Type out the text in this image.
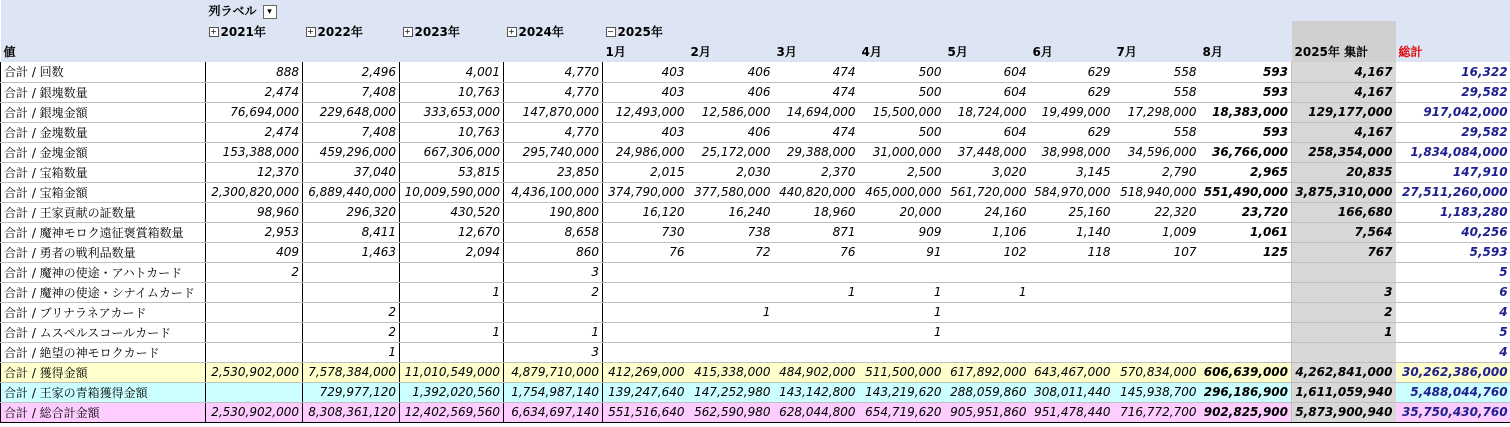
	列ラベル ▾													
	+ 2021年	+ 2022年	+ 2023年	+ 2024年	− 2025年									
値					1月	2月	3月	4月	5月	6月	7月	8月	2025年 集計	総計
合計 / 回数	888	2,496	4,001	4,770	403	406	474	500	604	629	558	593	4,167	16,322
合計 / 銀塊数量	2,474	7,408	10,763	4,770	403	406	474	500	604	629	558	593	4,167	29,582
合計 / 銀塊金額	76,694,000	229,648,000	333,653,000	147,870,000	12,493,000	12,586,000	14,694,000	15,500,000	18,724,000	19,499,000	17,298,000	18,383,000	129,177,000	917,042,000
合計 / 金塊数量	2,474	7,408	10,763	4,770	403	406	474	500	604	629	558	593	4,167	29,582
合計 / 金塊金額	153,388,000	459,296,000	667,306,000	295,740,000	24,986,000	25,172,000	29,388,000	31,000,000	37,448,000	38,998,000	34,596,000	36,766,000	258,354,000	1,834,084,000
合計 / 宝箱数量	12,370	37,040	53,815	23,850	2,015	2,030	2,370	2,500	3,020	3,145	2,790	2,965	20,835	147,910
合計 / 宝箱金額	2,300,820,000	6,889,440,000	10,009,590,000	4,436,100,000	374,790,000	377,580,000	440,820,000	465,000,000	561,720,000	584,970,000	518,940,000	551,490,000	3,875,310,000	27,511,260,000
合計 / 王家貢献の証数量	98,960	296,320	430,520	190,800	16,120	16,240	18,960	20,000	24,160	25,160	22,320	23,720	166,680	1,183,280
合計 / 魔神モロク遠征褒賞箱数量	2,953	8,411	12,670	8,658	730	738	871	909	1,106	1,140	1,009	1,061	7,564	40,256
合計 / 勇者の戦利品数量	409	1,463	2,094	860	76	72	76	91	102	118	107	125	767	5,593
合計 / 魔神の使途・アハトカード	2			3										5
合計 / 魔神の使途・シナイムカード			1	2			1	1	1				3	6
合計 / ブリナラネアカード		2				1		1					2	4
合計 / ムスペルスコールカード		2	1	1				1					1	5
合計 / 絶望の神モロクカード		1		3										4
合計 / 獲得金額	2,530,902,000	7,578,384,000	11,010,549,000	4,879,710,000	412,269,000	415,338,000	484,902,000	511,500,000	617,892,000	643,467,000	570,834,000	606,639,000	4,262,841,000	30,262,386,000
合計 / 王家の青箱獲得金額		729,977,120	1,392,020,560	1,754,987,140	139,247,640	147,252,980	143,142,800	143,219,620	288,059,860	308,011,440	145,938,700	296,186,900	1,611,059,940	5,488,044,760
合計 / 総合計金額	2,530,902,000	8,308,361,120	12,402,569,560	6,634,697,140	551,516,640	562,590,980	628,044,800	654,719,620	905,951,860	951,478,440	716,772,700	902,825,900	5,873,900,940	35,750,430,760
